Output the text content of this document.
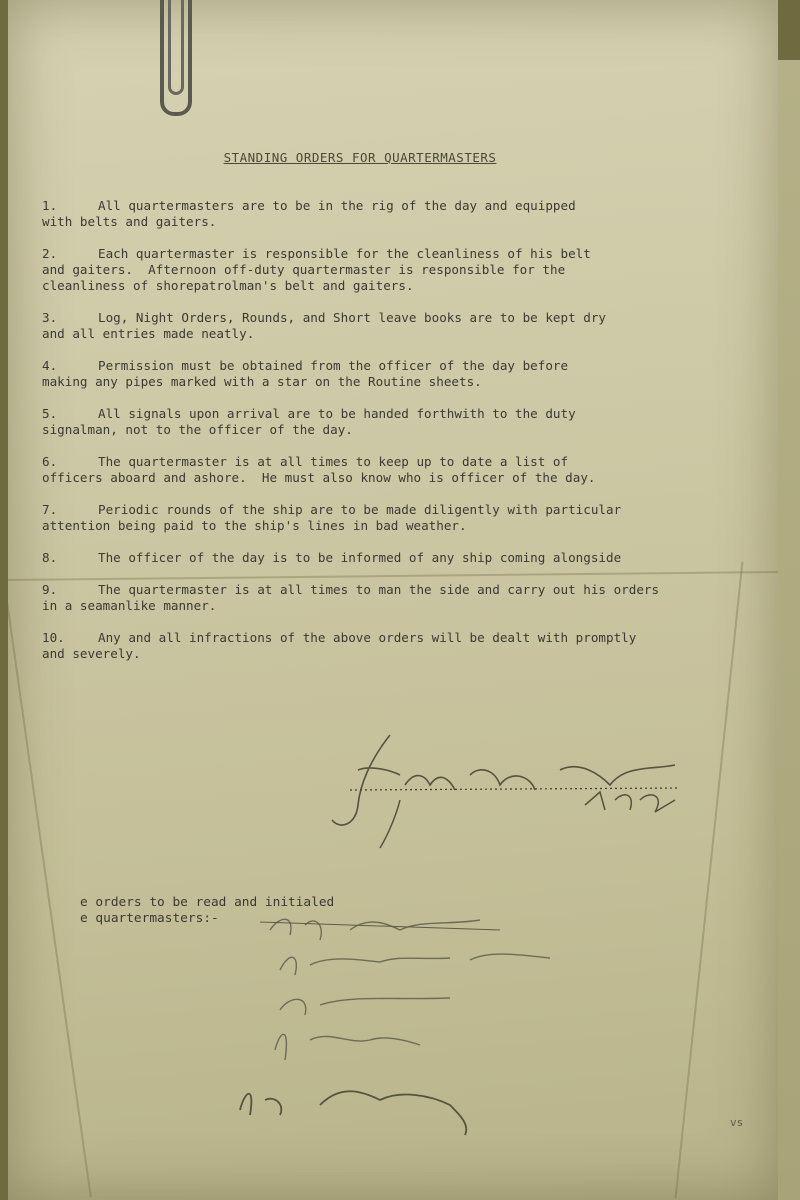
STANDING ORDERS FOR QUARTERMASTERS
1.	All quartermasters are to be in the rig of the day and equipped
with belts and gaiters.
2.	Each quartermaster is responsible for the cleanliness of his belt
and gaiters.  Afternoon off-duty quartermaster is responsible for the
cleanliness of shorepatrolman's belt and gaiters.
3.	Log, Night Orders, Rounds, and Short leave books are to be kept dry
and all entries made neatly.
4.	Permission must be obtained from the officer of the day before
making any pipes marked with a star on the Routine sheets.
5.	All signals upon arrival are to be handed forthwith to the duty
signalman, not to the officer of the day.
6.	The quartermaster is at all times to keep up to date a list of
officers aboard and ashore.  He must also know who is officer of the day.
7.	Periodic rounds of the ship are to be made diligently with particular
attention being paid to the ship's lines in bad weather.
8.	The officer of the day is to be informed of any ship coming alongside
9.	The quartermaster is at all times to man the side and carry out his orders
in a seamanlike manner.
10.	Any and all infractions of the above orders will be dealt with promptly
and severely.
e orders to be read and initialed
e quartermasters:-
vs
